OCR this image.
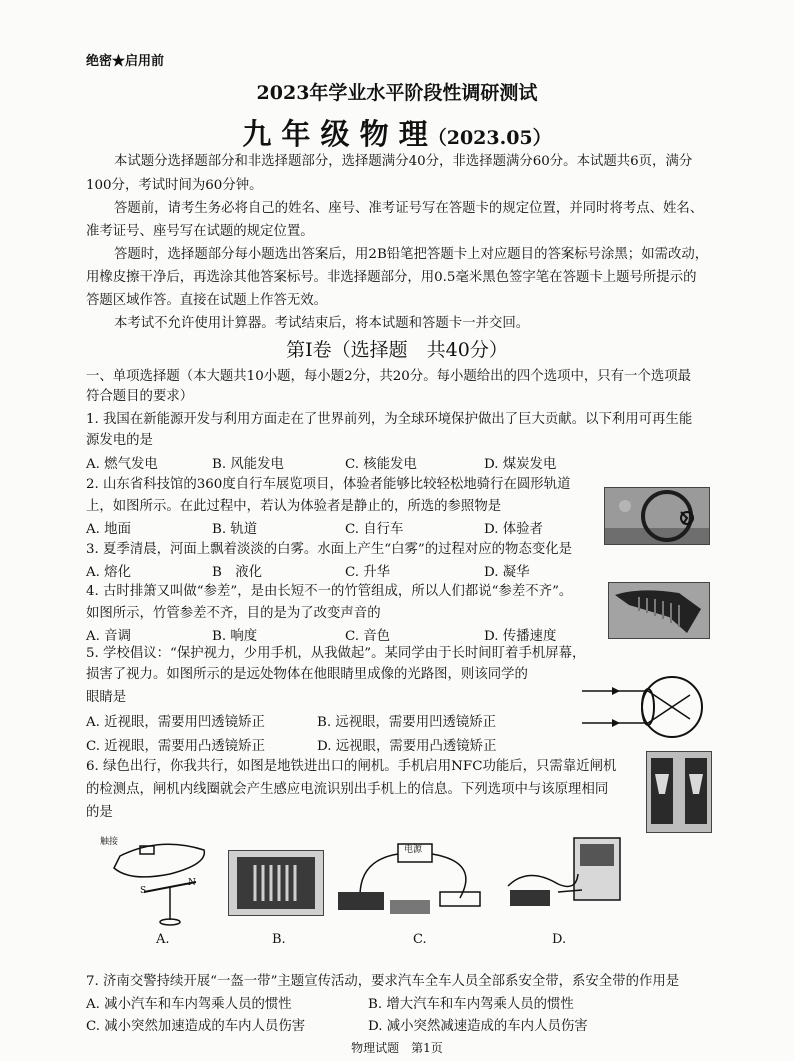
绝密★启用前
2023年学业水平阶段性调研测试
九 年 级 物 理（2023.05）
本试题分选择题部分和非选择题部分，选择题满分40分，非选择题满分60分。本试题共6页，满分
100分，考试时间为60分钟。
答题前，请考生务必将自己的姓名、座号、准考证号写在答题卡的规定位置，并同时将考点、姓名、
准考证号、座号写在试题的规定位置。
答题时，选择题部分每小题选出答案后，用2B铅笔把答题卡上对应题目的答案标号涂黑；如需改动，
用橡皮擦干净后，再选涂其他答案标号。非选择题部分，用0.5毫米黑色签字笔在答题卡上题号所提示的
答题区域作答。直接在试题上作答无效。
本考试不允许使用计算器。考试结束后，将本试题和答题卡一并交回。
第Ⅰ卷（选择题　共40分）
一、单项选择题（本大题共10小题，每小题2分，共20分。每小题给出的四个选项中，只有一个选项最
符合题目的要求）
1. 我国在新能源开发与利用方面走在了世界前列，为全球环境保护做出了巨大贡献。以下利用可再生能
源发电的是
A. 燃气发电	B. 风能发电	C. 核能发电	D. 煤炭发电
2. 山东省科技馆的360度自行车展览项目，体验者能够比较轻松地骑行在圆形轨道
上，如图所示。在此过程中，若认为体验者是静止的，所选的参照物是
A. 地面	B. 轨道	C. 自行车	D. 体验者
3. 夏季清晨，河面上飘着淡淡的白雾。水面上产生“白雾”的过程对应的物态变化是
A. 熔化	B　液化	C. 升华	D. 凝华
4. 古时排箫又叫做“参差”，是由长短不一的竹管组成，所以人们都说“参差不齐”。
如图所示，竹管参差不齐，目的是为了改变声音的
A. 音调	B. 响度	C. 音色	D. 传播速度
5. 学校倡议：“保护视力，少用手机，从我做起”。某同学由于长时间盯着手机屏幕，
损害了视力。如图所示的是远处物体在他眼睛里成像的光路图，则该同学的
眼睛是
A. 近视眼，需要用凹透镜矫正	B. 远视眼，需要用凹透镜矫正
C. 近视眼，需要用凸透镜矫正	D. 远视眼，需要用凸透镜矫正
6. 绿色出行，你我共行，如图是地铁进出口的闸机。手机启用NFC功能后，只需靠近闸机
的检测点，闸机内线圈就会产生感应电流识别出手机上的信息。下列选项中与该原理相同
的是
触接
S
N
电源
A.	B.	C.	D.
7. 济南交警持续开展“一盔一带”主题宣传活动，要求汽车全车人员全部系安全带，系安全带的作用是
A. 减小汽车和车内驾乘人员的惯性	B. 增大汽车和车内驾乘人员的惯性
C. 减小突然加速造成的车内人员伤害	D. 减小突然减速造成的车内人员伤害
物理试题　第1页
